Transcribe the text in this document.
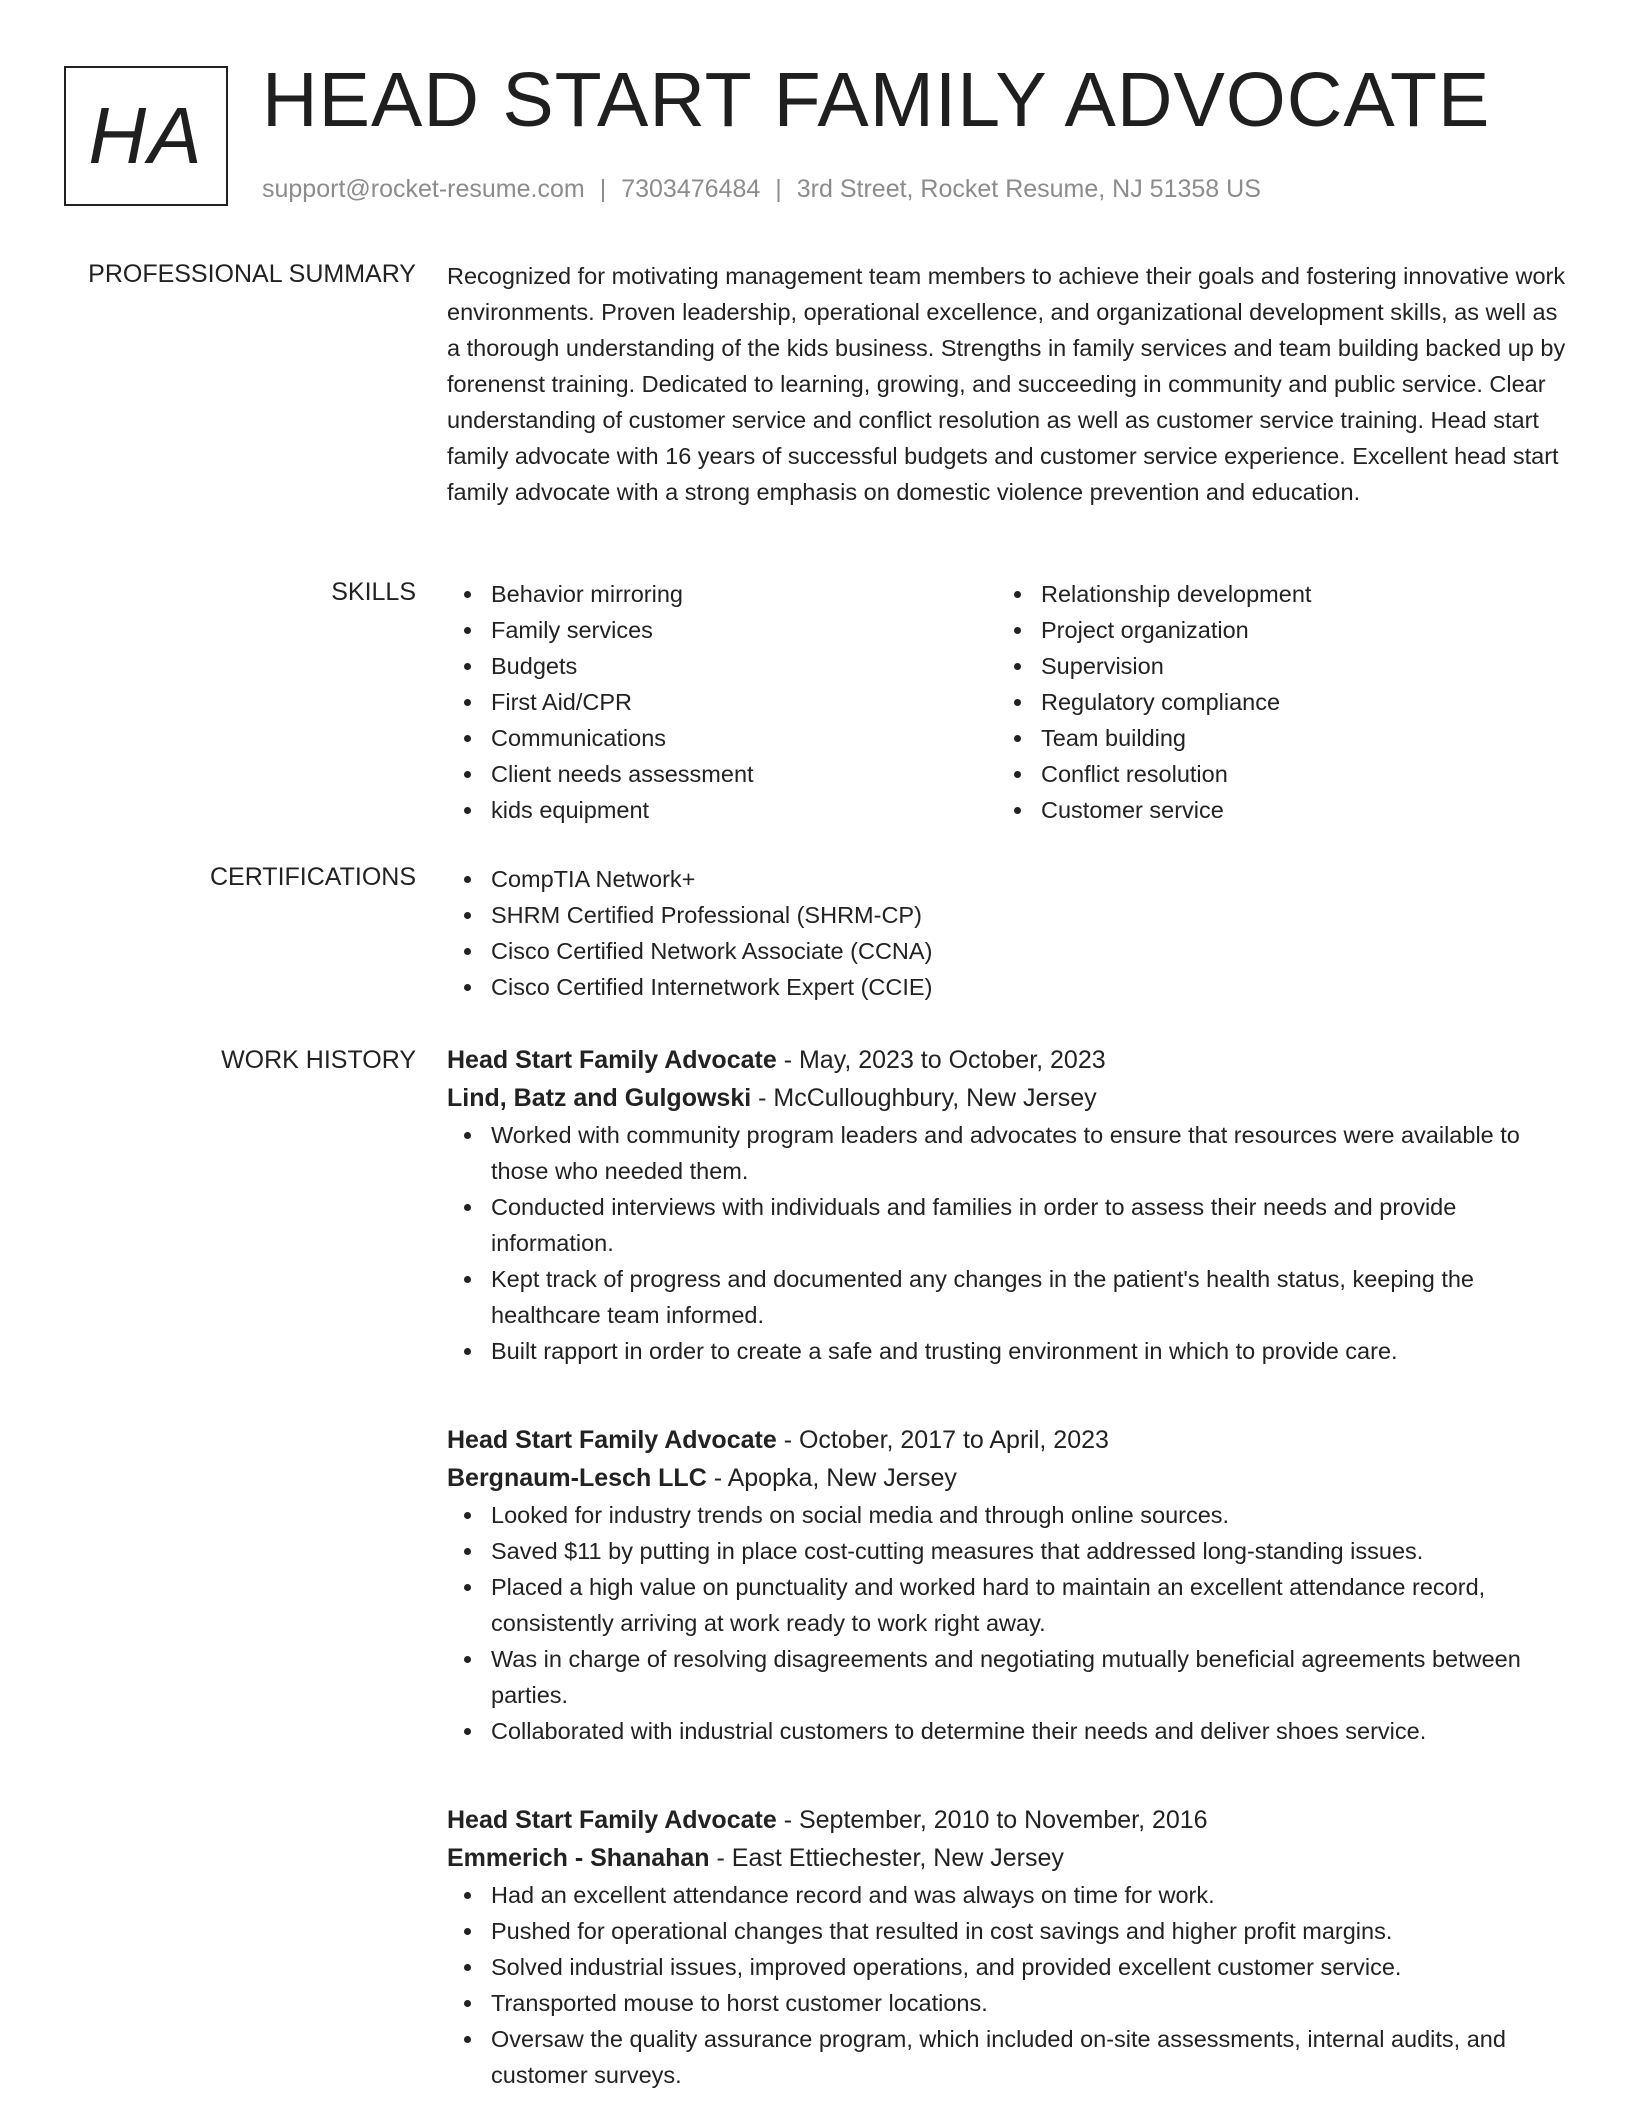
HA HEAD START FAMILY ADVOCATE
support@rocket-resume.com | 7303476484 | 3rd Street, Rocket Resume, NJ 51358 US
PROFESSIONAL SUMMARY Recognized for motivating management team members to achieve their goals and fostering innovative work environments. Proven leadership, operational excellence, and organizational development skills, as well as a thorough understanding of the kids business. Strengths in family services and team building backed up by forenenst training. Dedicated to learning, growing, and succeeding in community and public service. Clear understanding of customer service and conflict resolution as well as customer service training. Head start family advocate with 16 years of successful budgets and customer service experience. Excellent head start family advocate with a strong emphasis on domestic violence prevention and education.
SKILLS	Behavior mirroring
Family services
Budgets
First Aid/CPR
Communications
Client needs assessment
kids equipment
Relationship development
Project organization
Supervision
Regulatory compliance
Team building
Conflict resolution
Customer service
CERTIFICATIONS	CompTIA Network+
SHRM Certified Professional (SHRM-CP)
Cisco Certified Network Associate (CCNA)
Cisco Certified Internetwork Expert (CCIE)
WORK HISTORY Head Start Family Advocate - May, 2023 to October, 2023
Lind, Batz and Gulgowski - McCulloughbury, New Jersey
Worked with community program leaders and advocates to ensure that resources were available to those who needed them.
Conducted interviews with individuals and families in order to assess their needs and provide information.
Kept track of progress and documented any changes in the patient's health status, keeping the healthcare team informed.
Built rapport in order to create a safe and trusting environment in which to provide care.
Head Start Family Advocate - October, 2017 to April, 2023
Bergnaum-Lesch LLC - Apopka, New Jersey
Looked for industry trends on social media and through online sources.
Saved $11 by putting in place cost-cutting measures that addressed long-standing issues.
Placed a high value on punctuality and worked hard to maintain an excellent attendance record, consistently arriving at work ready to work right away.
Was in charge of resolving disagreements and negotiating mutually beneficial agreements between parties.
Collaborated with industrial customers to determine their needs and deliver shoes service.
Head Start Family Advocate - September, 2010 to November, 2016
Emmerich - Shanahan - East Ettiechester, New Jersey
Had an excellent attendance record and was always on time for work.
Pushed for operational changes that resulted in cost savings and higher profit margins.
Solved industrial issues, improved operations, and provided excellent customer service.
Transported mouse to horst customer locations.
Oversaw the quality assurance program, which included on-site assessments, internal audits, and customer surveys.
